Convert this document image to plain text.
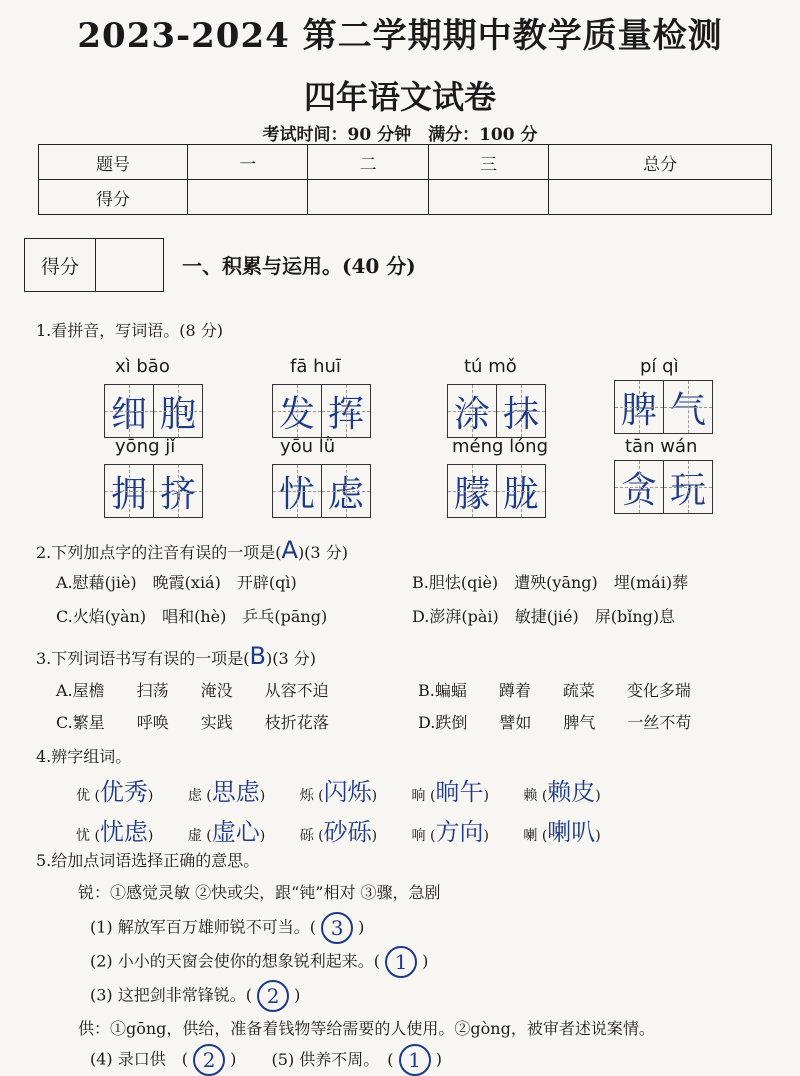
2023-2024 第二学期期中教学质量检测
四年语文试卷
考试时间：90 分钟　满分：100 分
题号	一	二	三	总分
得分				
得分	一、积累与运用。(40 分)
1.看拼音，写词语。(8 分)
xì bāo
细 胞
fā huī
发 挥
tú mǒ
涂 抹
pí qì
脾 气
yōng jǐ
拥 挤
yōu lǜ
忧 虑
méng lóng
朦 胧
tān wán
贪 玩
2.下列加点字的注音有误的一项是(A)(3 分)
A.慰藉(jiè)　晚霞(xiá)　开辟(qì)	B.胆怯(qiè)　遭殃(yāng)　埋(mái)葬
C.火焰(yàn)　唱和(hè)　乒乓(pāng)	D.澎湃(pài)　敏捷(jié)　屏(bǐng)息
3.下列词语书写有误的一项是(B)(3 分)
A.屋檐　　扫荡　　淹没　　从容不迫	B.蝙蝠　　蹲着　　疏菜　　变化多瑞
C.繁星　　呼唤　　实践　　枝折花落	D.跌倒　　譬如　　脾气　　一丝不苟
4.辨字组词。
优 (优秀) 虑 (思虑) 烁 (闪烁) 晌 (晌午) 赖 (赖皮)
忧 (忧虑) 虚 (虚心) 砾 (砂砾) 响 (方向) 喇 (喇叭)
5.给加点词语选择正确的意思。
锐：①感觉灵敏 ②快或尖，跟“钝”相对 ③骤，急剧
(1) 解放军百万雄师锐不可当。( 3 )
(2) 小小的天窗会使你的想象锐利起来。( 1 )
(3) 这把剑非常锋锐。( 2 )
供：①gōng，供给，准备着钱物等给需要的人使用。②gòng，被审者述说案情。
(4) 录口供　( 2 ) (5) 供养不周。　( 1 )
